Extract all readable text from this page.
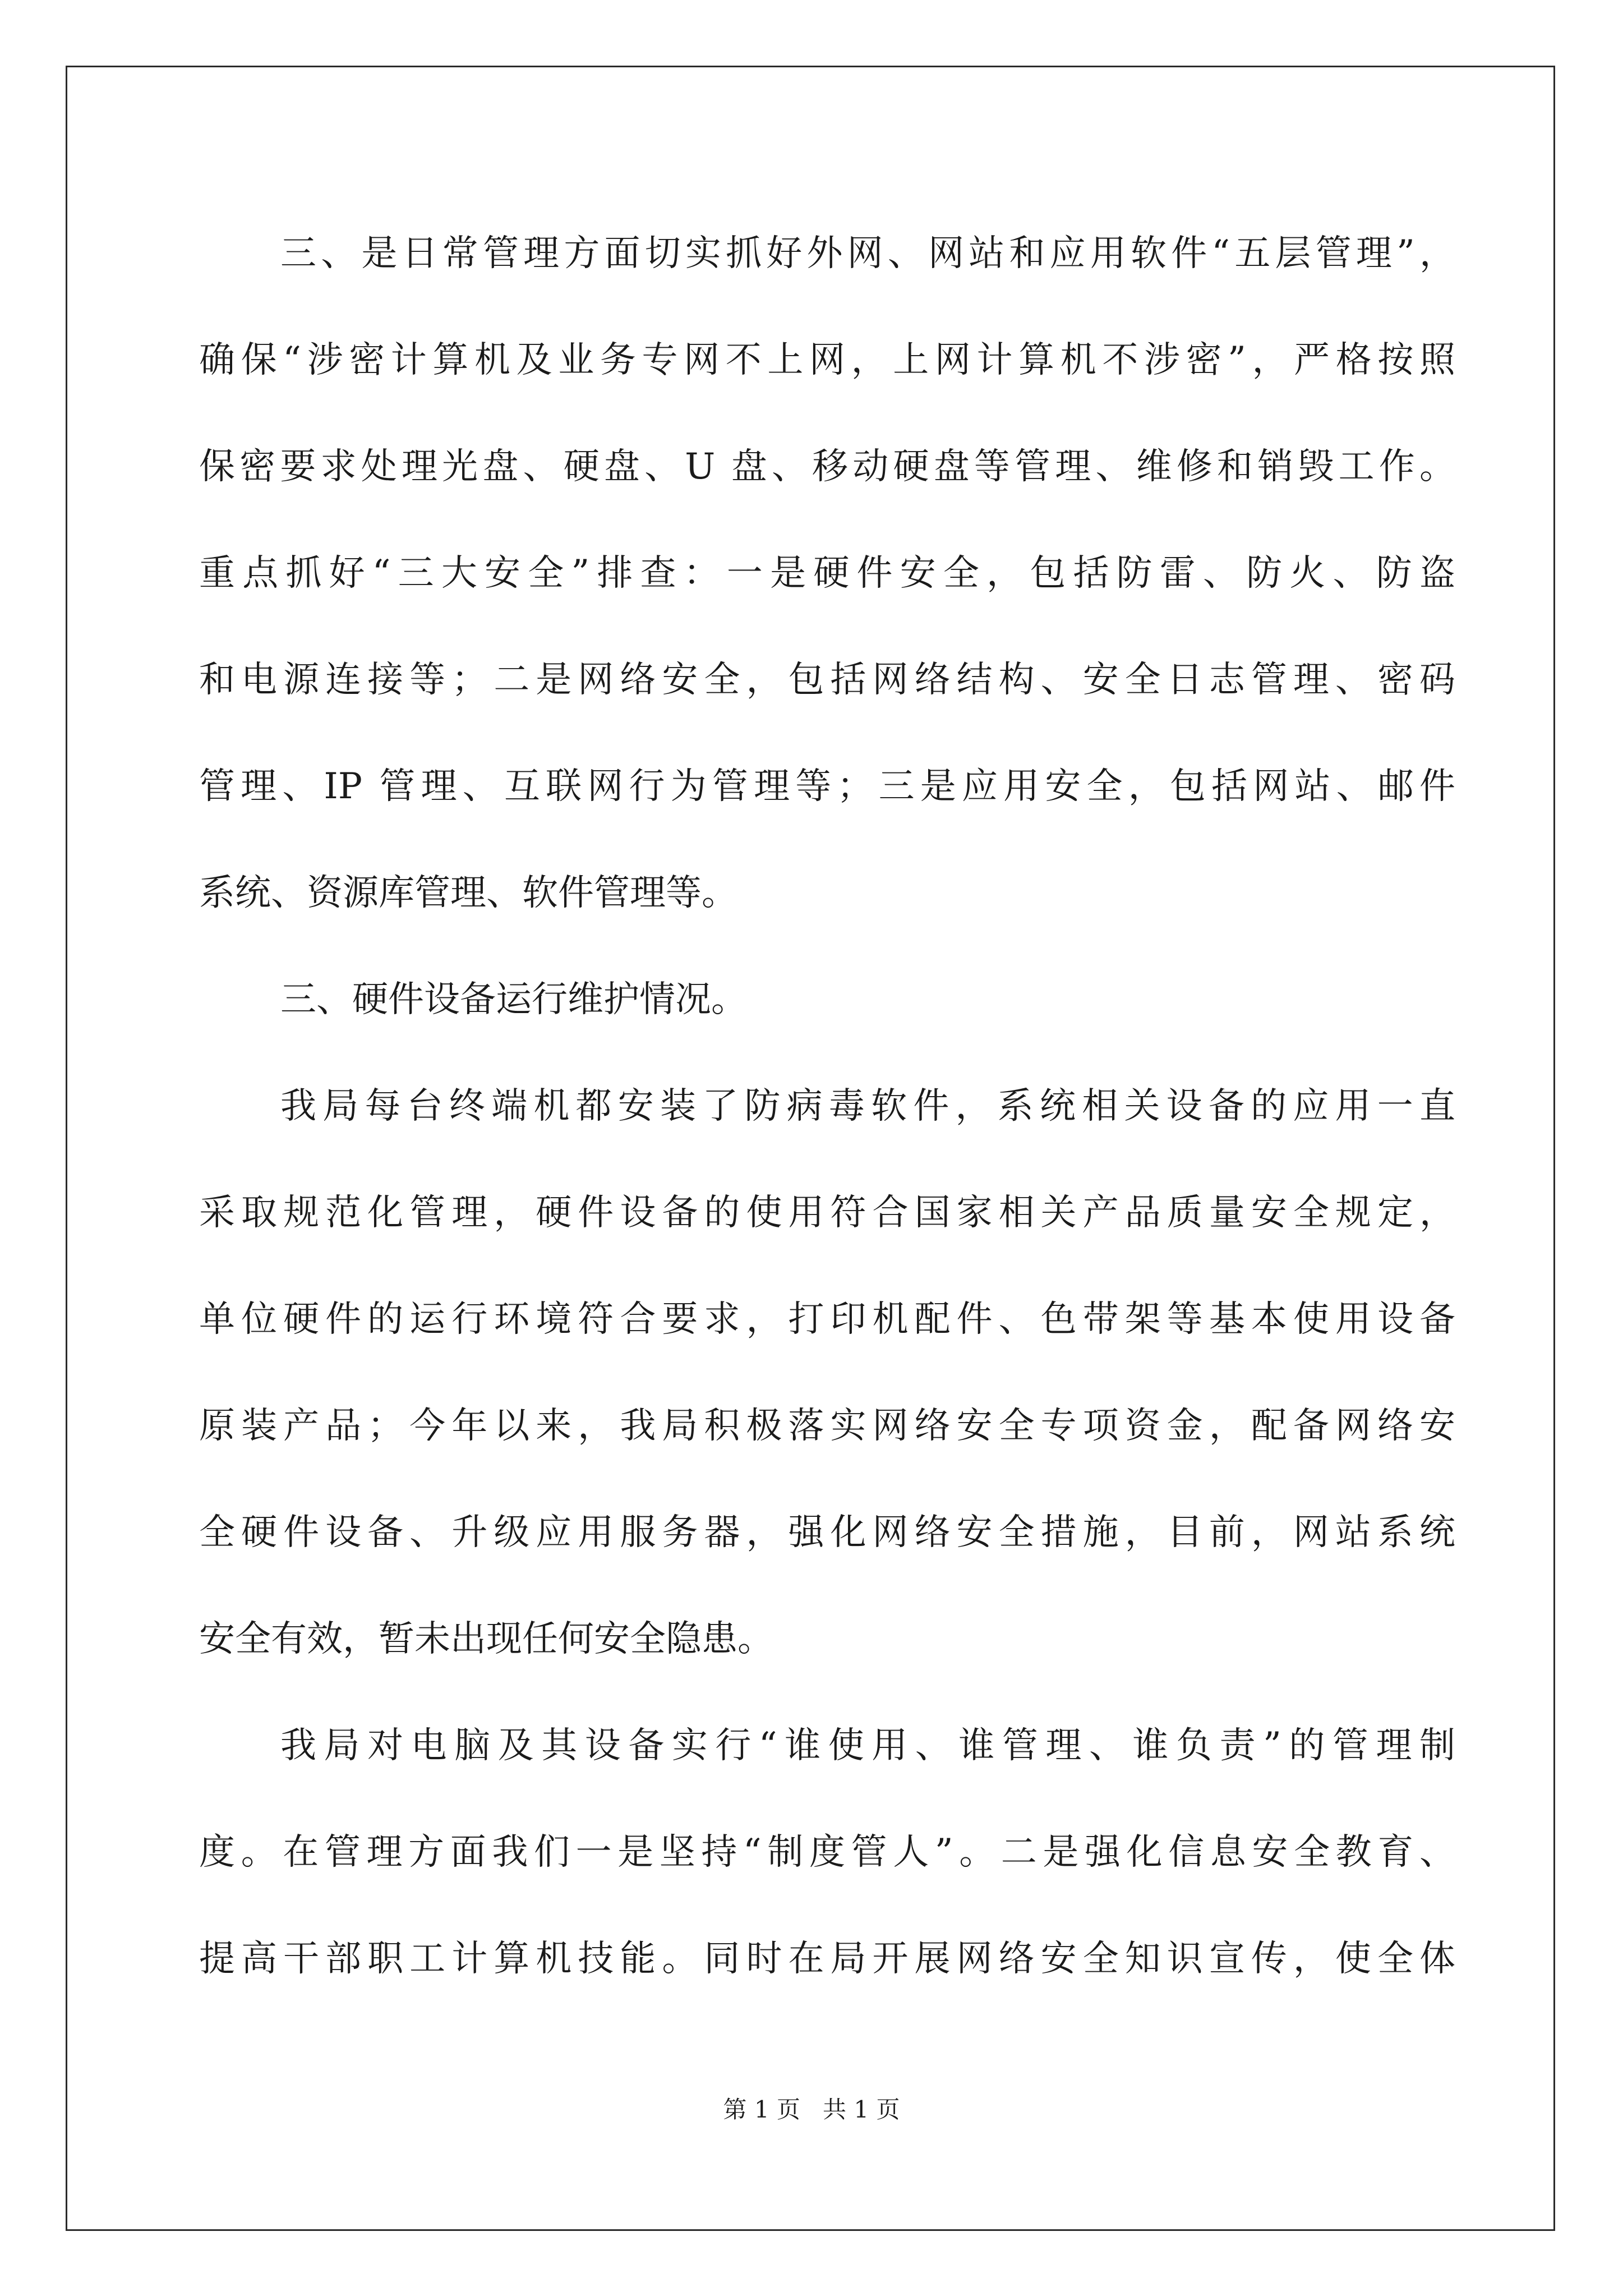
三、是日常管理方面切实抓好外网、网站和应用软件“五层管理”，
确保“涉密计算机及业务专网不上网，上网计算机不涉密”，严格按照
保密要求处理光盘、硬盘、U 盘、移动硬盘等管理、维修和销毁工作。
重点抓好“三大安全”排查：一是硬件安全，包括防雷、防火、防盗
和电源连接等；二是网络安全，包括网络结构、安全日志管理、密码
管理、IP 管理、互联网行为管理等；三是应用安全，包括网站、邮件
系统、资源库管理、软件管理等。
三、硬件设备运行维护情况。
我局每台终端机都安装了防病毒软件，系统相关设备的应用一直
采取规范化管理，硬件设备的使用符合国家相关产品质量安全规定，
单位硬件的运行环境符合要求，打印机配件、色带架等基本使用设备
原装产品；今年以来，我局积极落实网络安全专项资金，配备网络安
全硬件设备、升级应用服务器，强化网络安全措施，目前，网站系统
安全有效，暂未出现任何安全隐患。
我局对电脑及其设备实行“谁使用、谁管理、谁负责”的管理制
度。在管理方面我们一是坚持“制度管人”。二是强化信息安全教育、
提高干部职工计算机技能。同时在局开展网络安全知识宣传，使全体
第 1 页   共 1 页
